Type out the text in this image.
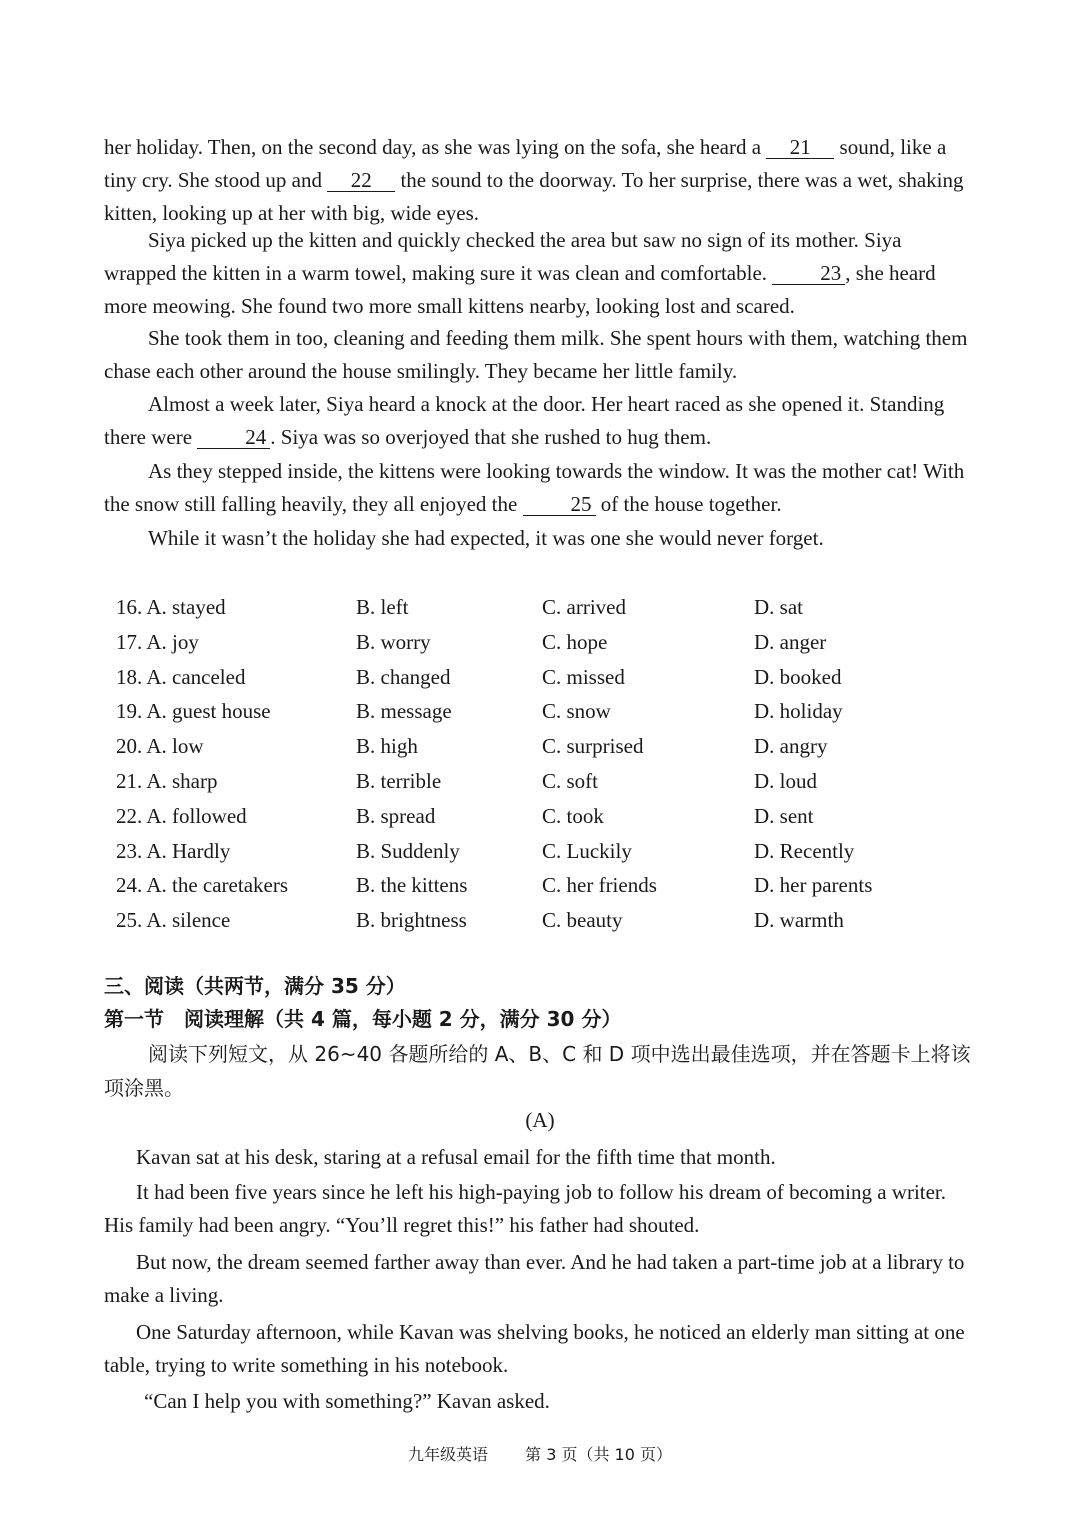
her holiday. Then, on the second day, as she was lying on the sofa, she heard a 21 sound, like a tiny cry. She stood up and 22 the sound to the doorway. To her surprise, there was a wet, shaking kitten, looking up at her with big, wide eyes.

Siya picked up the kitten and quickly checked the area but saw no sign of its mother. Siya wrapped the kitten in a warm towel, making sure it was clean and comfortable. 23 , she heard more meowing. She found two more small kittens nearby, looking lost and scared.

She took them in too, cleaning and feeding them milk. She spent hours with them, watching them chase each other around the house smilingly. They became her little family.

Almost a week later, Siya heard a knock at the door. Her heart raced as she opened it. Standing there were 24 . Siya was so overjoyed that she rushed to hug them.

As they stepped inside, the kittens were looking towards the window. It was the mother cat! With the snow still falling heavily, they all enjoyed the 25 of the house together.

While it wasn’t the holiday she had expected, it was one she would never forget.

16. A. stayed	B. left	C. arrived	D. sat
17. A. joy	B. worry	C. hope	D. anger
18. A. canceled	B. changed	C. missed	D. booked
19. A. guest house	B. message	C. snow	D. holiday
20. A. low	B. high	C. surprised	D. angry
21. A. sharp	B. terrible	C. soft	D. loud
22. A. followed	B. spread	C. took	D. sent
23. A. Hardly	B. Suddenly	C. Luckily	D. Recently
24. A. the caretakers	B. the kittens	C. her friends	D. her parents
25. A. silence	B. brightness	C. beauty	D. warmth
三、阅读（共两节，满分 35 分）
第一节　阅读理解（共 4 篇，每小题 2 分，满分 30 分）

阅读下列短文，从 26~40 各题所给的 A、B、C 和 D 项中选出最佳选项，并在答题卡上将该项涂黑。

(A)

Kavan sat at his desk, staring at a refusal email for the fifth time that month.

It had been five years since he left his high-paying job to follow his dream of becoming a writer. His family had been angry. “You’ll regret this!” his father had shouted.

But now, the dream seemed farther away than ever. And he had taken a part-time job at a library to make a living.

One Saturday afternoon, while Kavan was shelving books, he noticed an elderly man sitting at one table, trying to write something in his notebook.

“Can I help you with something?” Kavan asked.

九年级英语 第 3 页（共 10 页）
